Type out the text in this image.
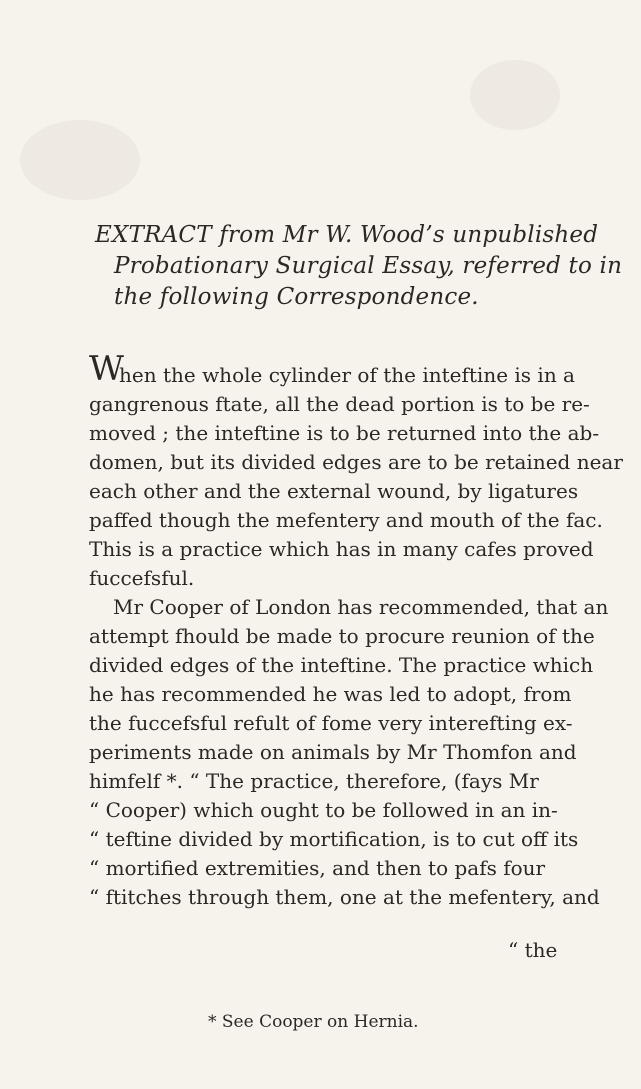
EXTRACT from Mr W. Wood’s unpublished
Probationary Surgical Essay, referred to in
the following Correspondence.
W
hen the whole cylinder of the inteftine is in a
gangrenous ftate, all the dead portion is to be re-
moved ; the inteftine is to be returned into the ab-
domen, but its divided edges are to be retained near
each other and the external wound, by ligatures
paffed though the mefentery and mouth of the fac.
This is a practice which has in many cafes proved
fuccefsful.
Mr Cooper of London has recommended, that an
attempt fhould be made to procure reunion of the
divided edges of the inteftine. The practice which
he has recommended he was led to adopt, from
the fuccefsful refult of fome very interefting ex-
periments made on animals by Mr Thomfon and
himfelf *. “ The practice, therefore, (fays Mr
“ Cooper) which ought to be followed in an in-
“ teftine divided by mortification, is to cut off its
“ mortified extremities, and then to pafs four
“ ftitches through them, one at the mefentery, and
“ the
* See Cooper on Hernia.
